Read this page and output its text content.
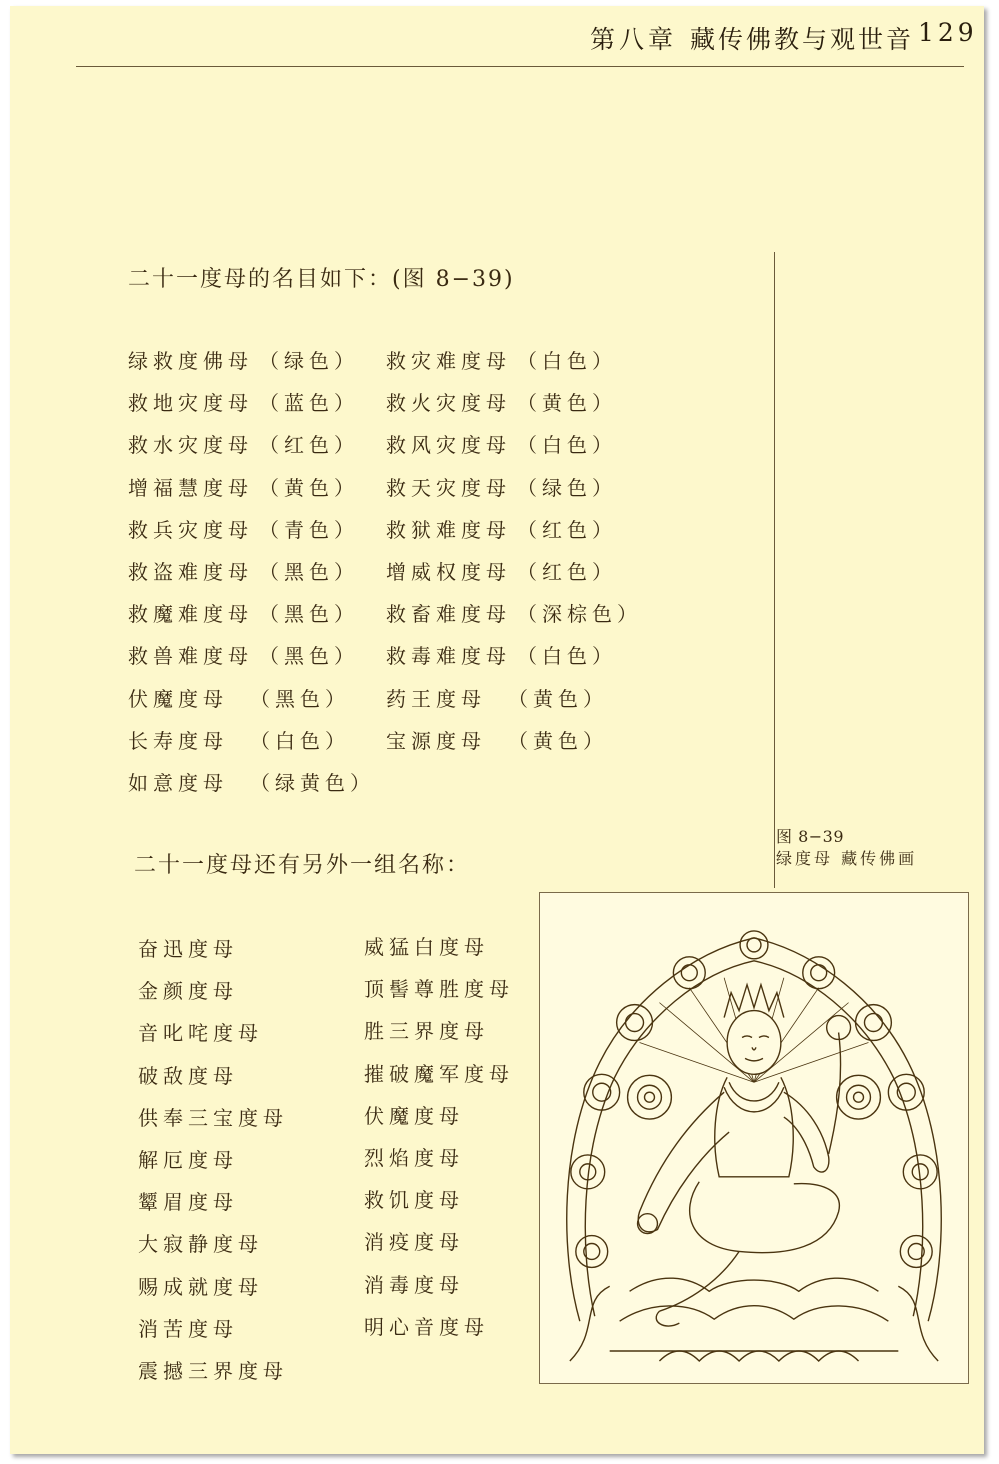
第八章 藏传佛教与观世音 129
二十一度母的名目如下：(图 8−39)
绿救度佛母 （绿色）
救地灾度母 （蓝色）
救水灾度母 （红色）
增福慧度母 （黄色）
救兵灾度母 （青色）
救盗难度母 （黑色）
救魔难度母 （黑色）
救兽难度母 （黑色）
伏魔度母 （黑色）
长寿度母 （白色）
如意度母 （绿黄色）
救灾难度母 （白色）
救火灾度母 （黄色）
救风灾度母 （白色）
救天灾度母 （绿色）
救狱难度母 （红色）
增威权度母 （红色）
救畜难度母 （深棕色）
救毒难度母 （白色）
药王度母 （黄色）
宝源度母 （黄色）
二十一度母还有另外一组名称：
奋迅度母
金颜度母
音叱咤度母
破敌度母
供奉三宝度母
解厄度母
颦眉度母
大寂静度母
赐成就度母
消苦度母
震撼三界度母
威猛白度母
顶髻尊胜度母
胜三界度母
摧破魔军度母
伏魔度母
烈焰度母
救饥度母
消疫度母
消毒度母
明心音度母
图 8−39
绿度母 藏传佛画
